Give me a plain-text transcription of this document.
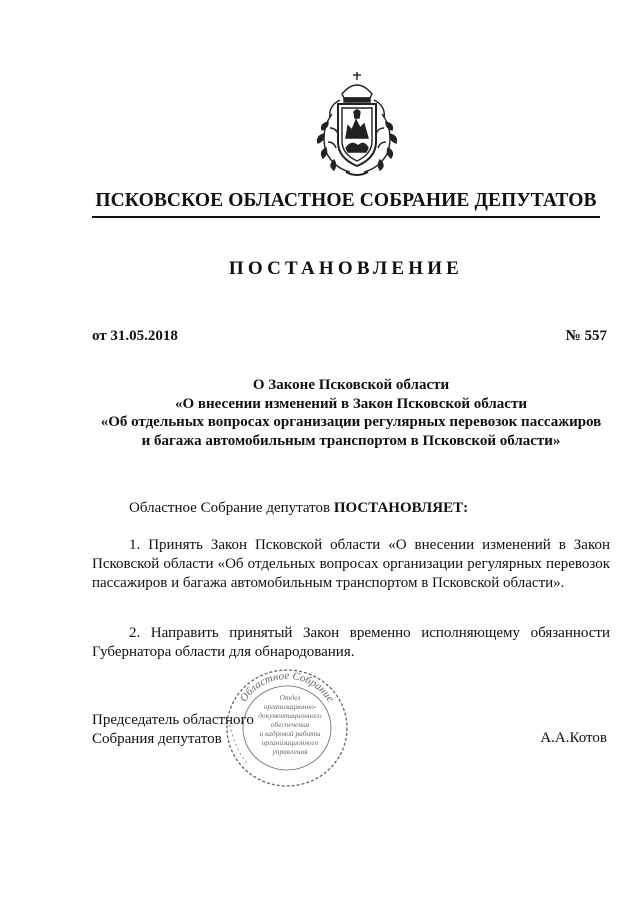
ПСКОВСКОЕ ОБЛАСТНОЕ СОБРАНИЕ ДЕПУТАТОВ
ПОСТАНОВЛЕНИЕ
от 31.05.2018	№ 557
О Законе Псковской области
«О внесении изменений в Закон Псковской области
«Об отдельных вопросах организации регулярных перевозок пассажиров
и багажа автомобильным транспортом в Псковской области»
Областное Собрание депутатов ПОСТАНОВЛЯЕТ:
1. Принять Закон Псковской области «О внесении изменений в Закон Псковской области «Об отдельных вопросах организации регулярных перевозок пассажиров и багажа автомобильным транспортом в Псковской области».
2. Направить принятый Закон временно исполняющему обязанности Губернатора области для обнародования.
Председатель областного
Собрания депутатов	А.А.Котов
Областное Собрание
Отдел
организационно-
документационного
обеспечения
и кадровой работы
организационного
управления
